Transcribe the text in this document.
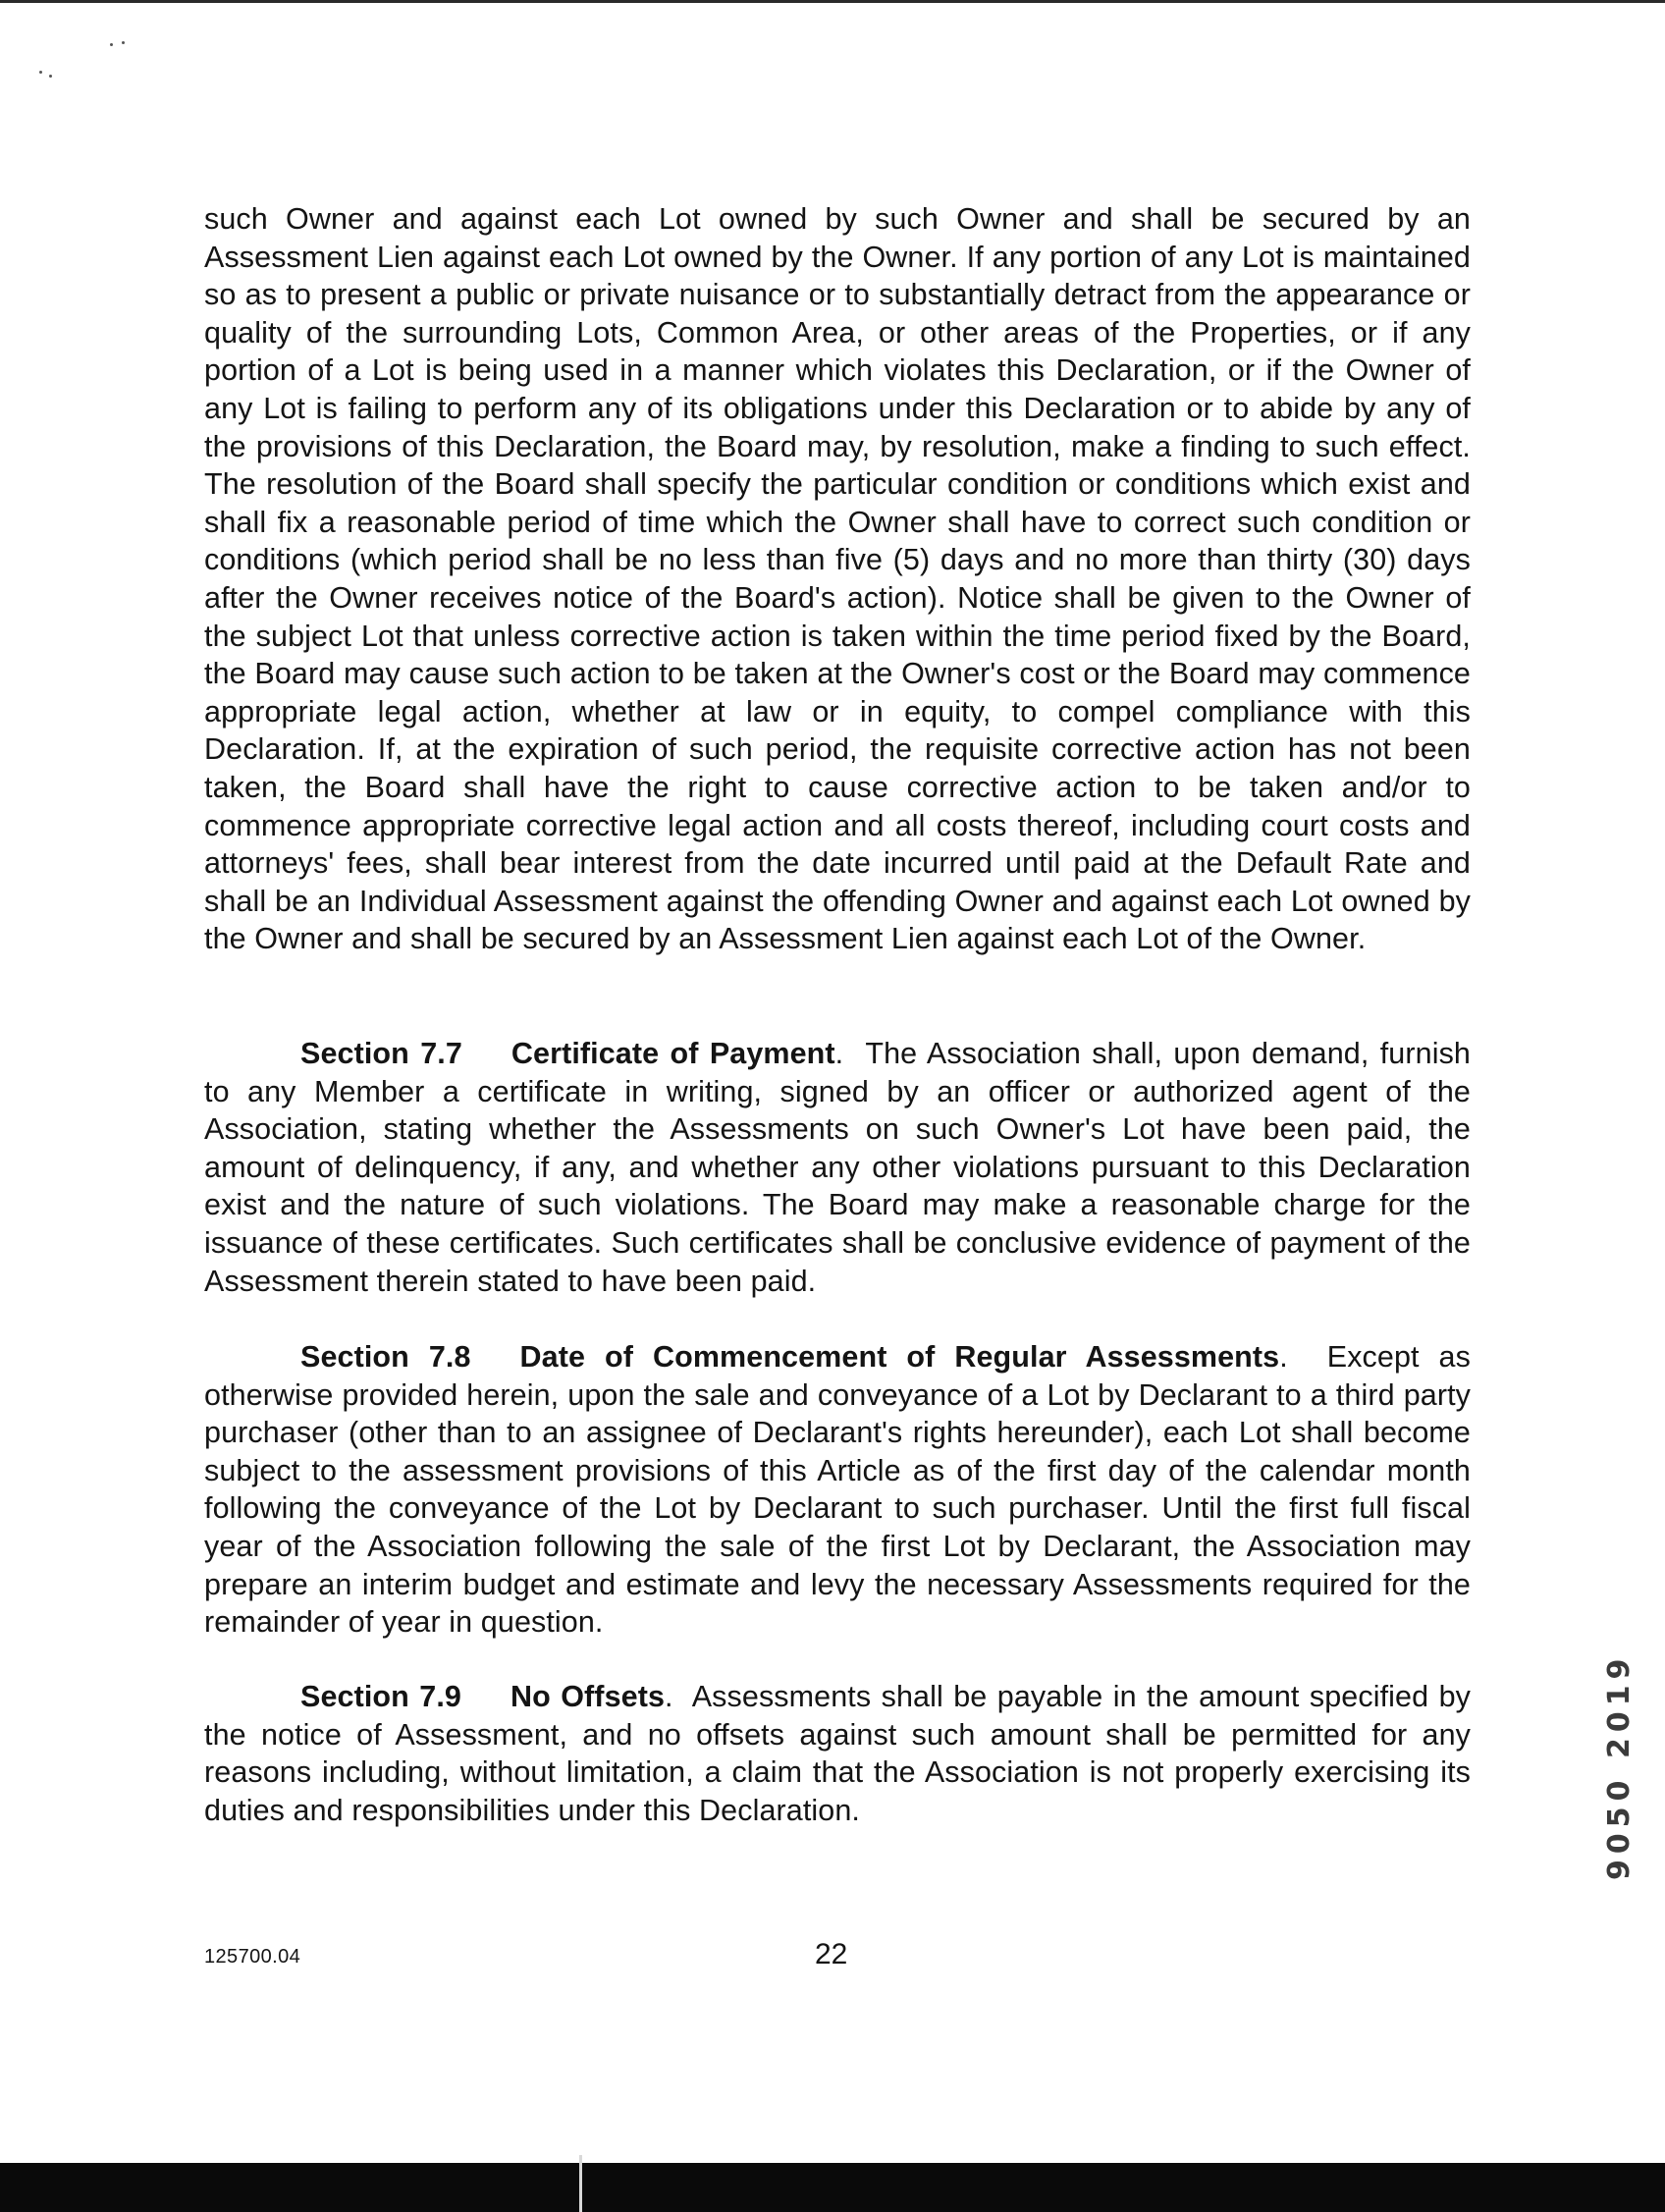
such Owner and against each Lot owned by such Owner and shall be secured by an Assessment Lien against each Lot owned by the Owner. If any portion of any Lot is maintained so as to present a public or private nuisance or to substantially detract from the appearance or quality of the surrounding Lots, Common Area, or other areas of the Properties, or if any portion of a Lot is being used in a manner which violates this Declaration, or if the Owner of any Lot is failing to perform any of its obligations under this Declaration or to abide by any of the provisions of this Declaration, the Board may, by resolution, make a finding to such effect. The resolution of the Board shall specify the particular condition or conditions which exist and shall fix a reasonable period of time which the Owner shall have to correct such condition or conditions (which period shall be no less than five (5) days and no more than thirty (30) days after the Owner receives notice of the Board's action). Notice shall be given to the Owner of the subject Lot that unless corrective action is taken within the time period fixed by the Board, the Board may cause such action to be taken at the Owner's cost or the Board may commence appropriate legal action, whether at law or in equity, to compel compliance with this Declaration. If, at the expiration of such period, the requisite corrective action has not been taken, the Board shall have the right to cause corrective action to be taken and/or to commence appropriate corrective legal action and all costs thereof, including court costs and attorneys' fees, shall bear interest from the date incurred until paid at the Default Rate and shall be an Individual Assessment against the offending Owner and against each Lot owned by the Owner and shall be secured by an Assessment Lien against each Lot of the Owner.

Section 7.7 Certificate of Payment. The Association shall, upon demand, furnish to any Member a certificate in writing, signed by an officer or authorized agent of the Association, stating whether the Assessments on such Owner's Lot have been paid, the amount of delinquency, if any, and whether any other violations pursuant to this Declaration exist and the nature of such violations. The Board may make a reasonable charge for the issuance of these certificates. Such certificates shall be conclusive evidence of payment of the Assessment therein stated to have been paid.

Section 7.8 Date of Commencement of Regular Assessments. Except as otherwise provided herein, upon the sale and conveyance of a Lot by Declarant to a third party purchaser (other than to an assignee of Declarant's rights hereunder), each Lot shall become subject to the assessment provisions of this Article as of the first day of the calendar month following the conveyance of the Lot by Declarant to such purchaser. Until the first full fiscal year of the Association following the sale of the first Lot by Declarant, the Association may prepare an interim budget and estimate and levy the necessary Assessments required for the remainder of year in question.

Section 7.9 No Offsets. Assessments shall be payable in the amount specified by the notice of Assessment, and no offsets against such amount shall be permitted for any reasons including, without limitation, a claim that the Association is not properly exercising its duties and responsibilities under this Declaration.

125700.04	22
9050 2019
